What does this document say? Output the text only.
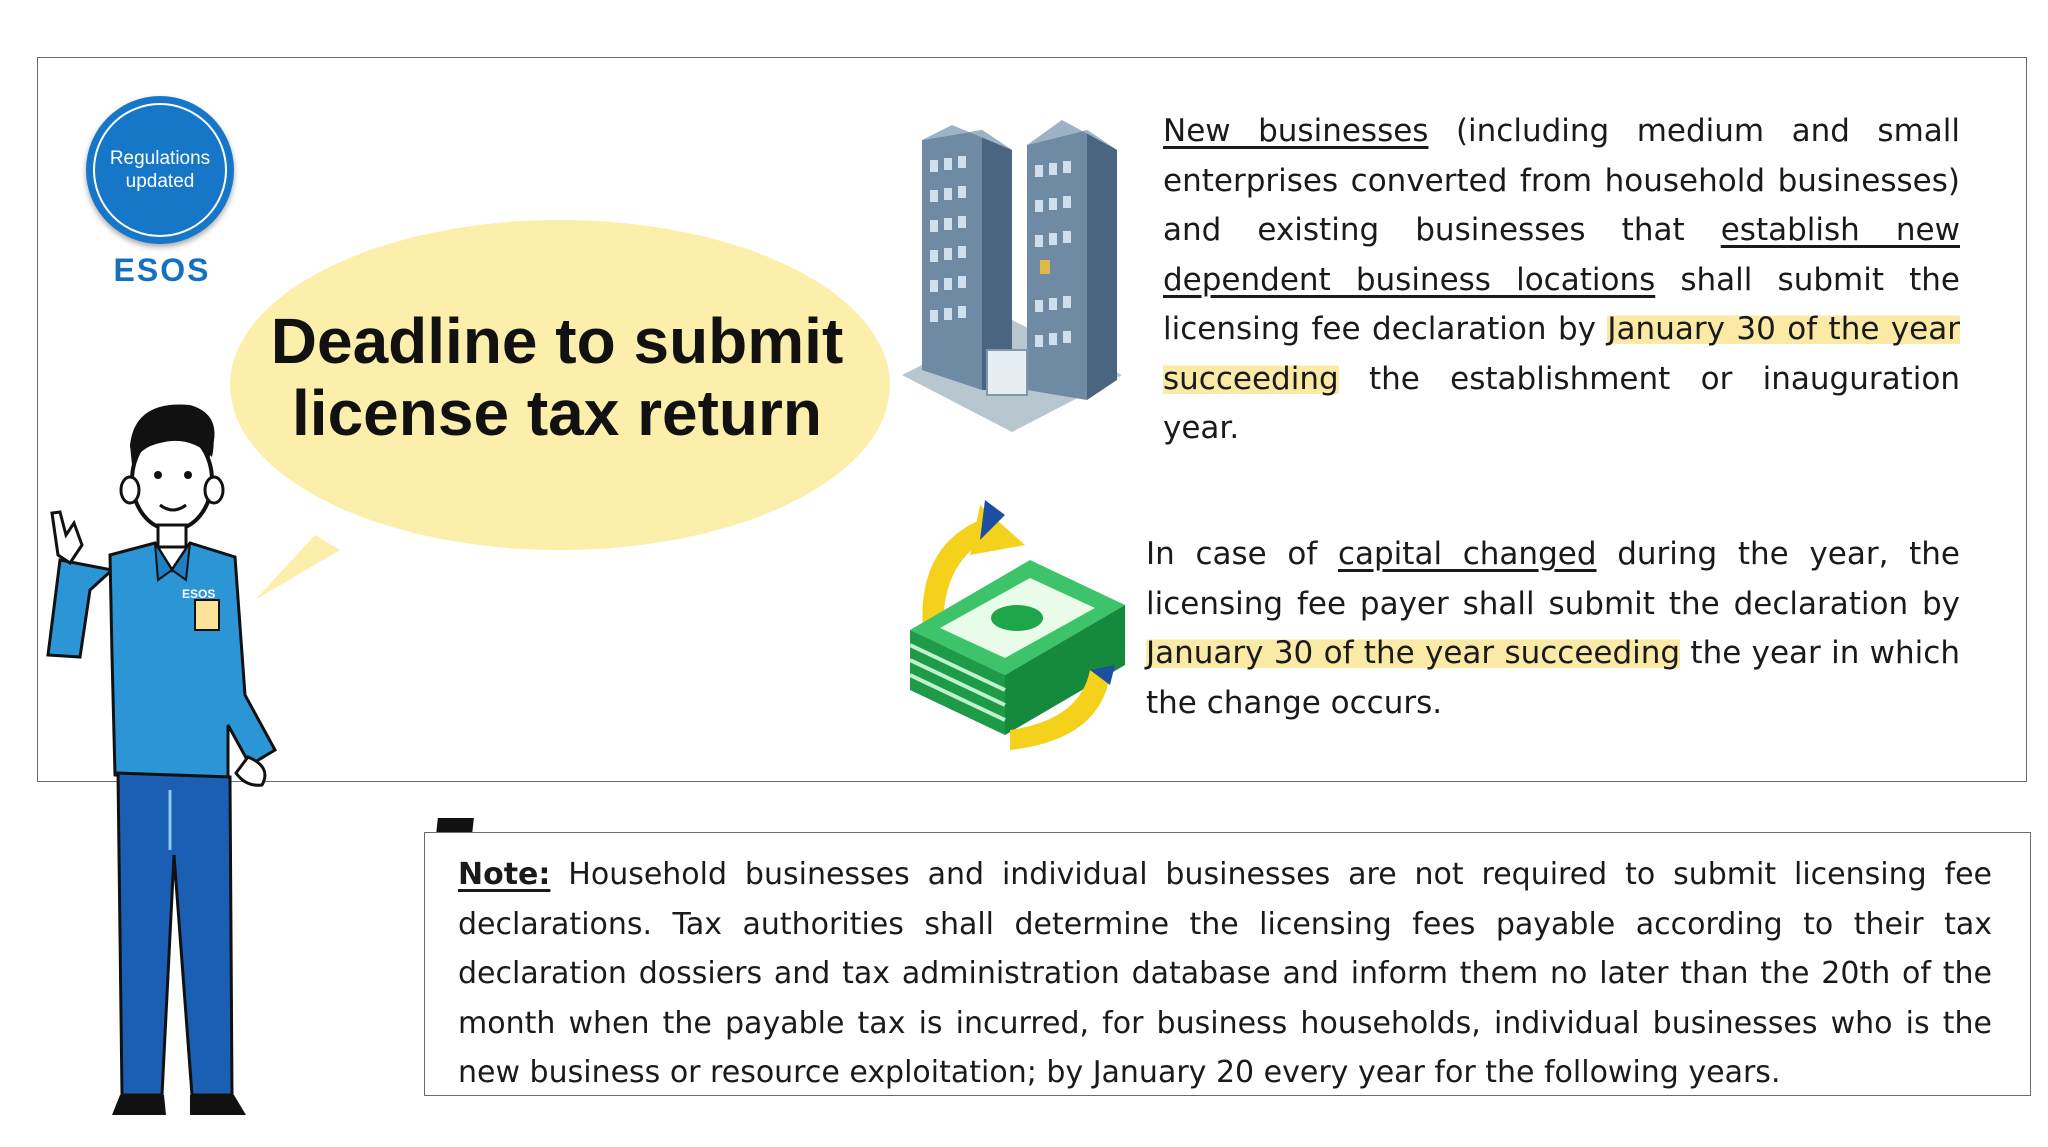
Regulations
updated
ESOS
Deadline to submit
license tax return
ESOS
New businesses (including medium and small enterprises converted from household businesses) and existing businesses that establish new dependent business locations shall submit the licensing fee declaration by January 30 of the year succeeding the establishment or inauguration year.
In case of capital changed during the year, the licensing fee payer shall submit the declaration by January 30 of the year succeeding the year in which the change occurs.
Note: Household businesses and individual businesses are not required to submit licensing fee declarations. Tax authorities shall determine the licensing fees payable according to their tax declaration dossiers and tax administration database and inform them no later than the 20th of the month when the payable tax is incurred, for business households, individual businesses who is the new business or resource exploitation; by January 20 every year for the following years.
